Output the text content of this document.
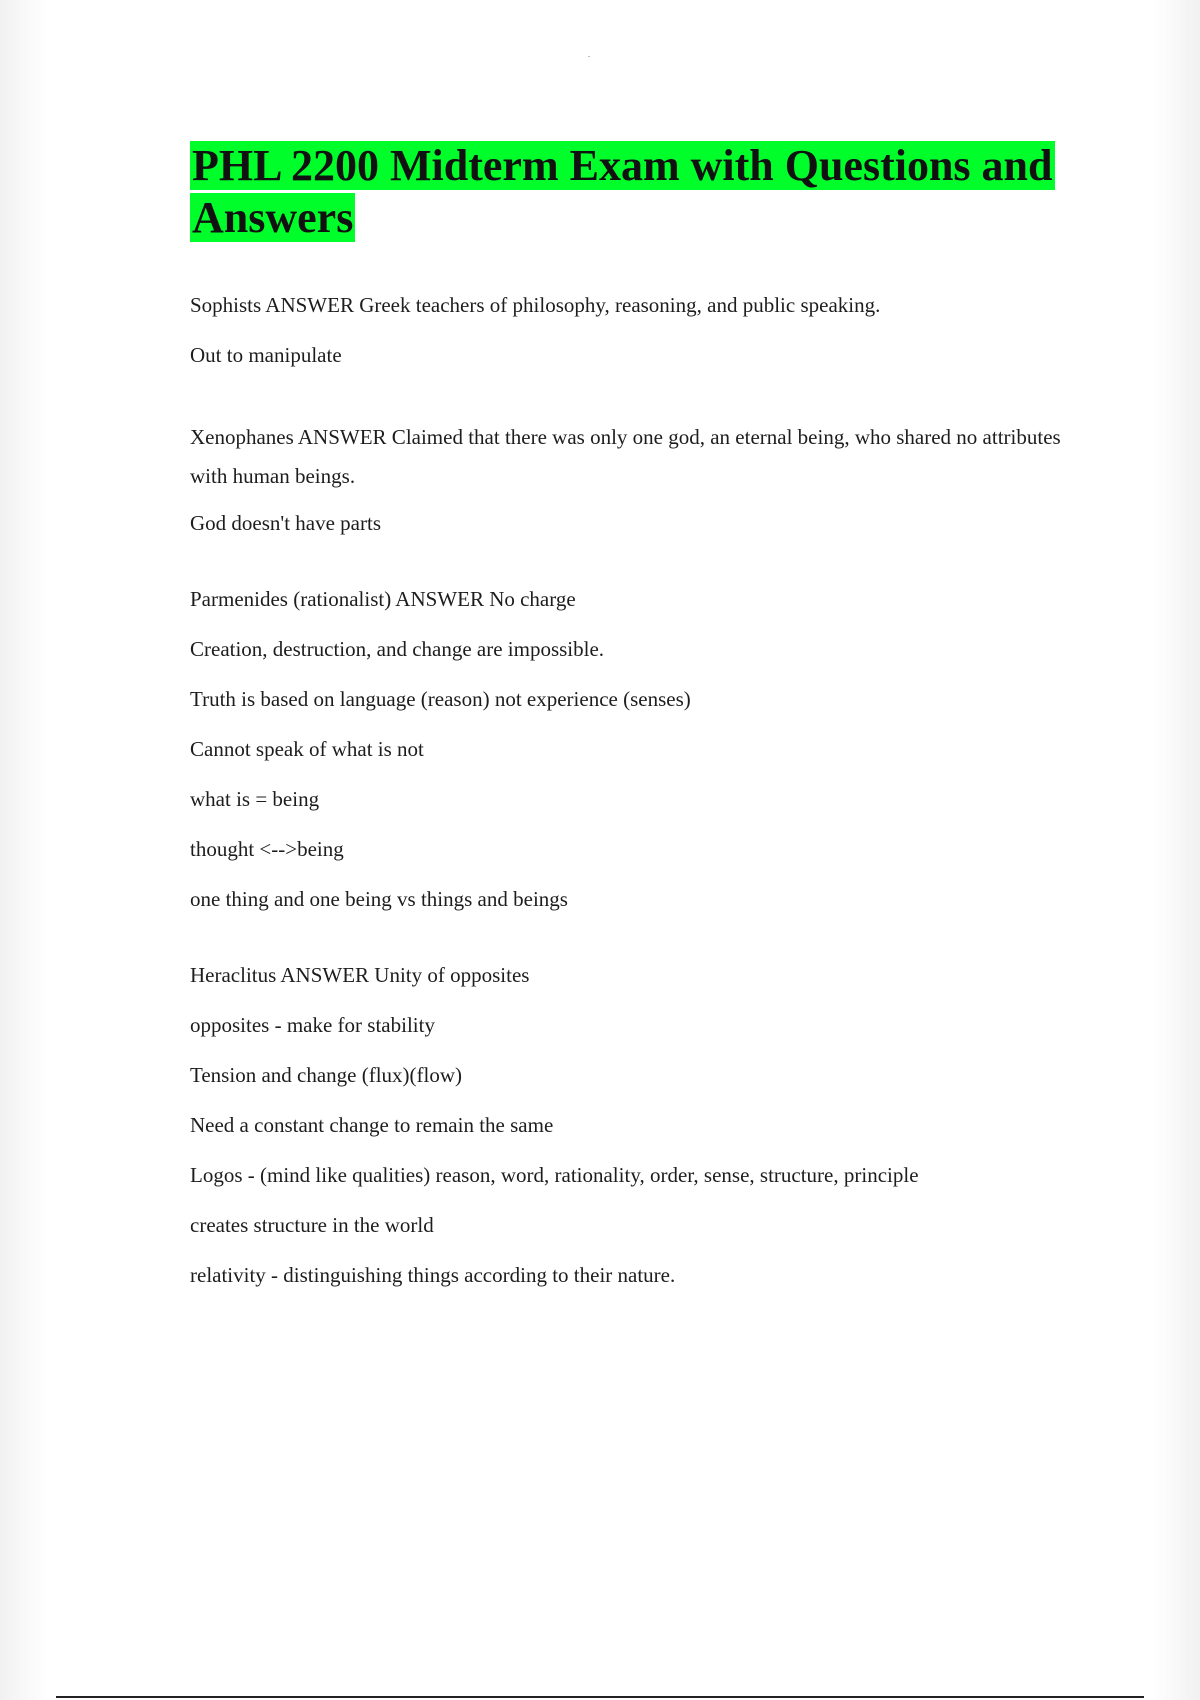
PHL 2200 Midterm Exam with Questions and Answers

Sophists ANSWER Greek teachers of philosophy, reasoning, and public speaking.

Out to manipulate

Xenophanes ANSWER Claimed that there was only one god, an eternal being, who shared no attributes with human beings.

God doesn't have parts

Parmenides (rationalist) ANSWER No charge

Creation, destruction, and change are impossible.

Truth is based on language (reason) not experience (senses)

Cannot speak of what is not

what is = being

thought <-->being

one thing and one being vs things and beings

Heraclitus ANSWER Unity of opposites

opposites - make for stability

Tension and change (flux)(flow)

Need a constant change to remain the same

Logos - (mind like qualities) reason, word, rationality, order, sense, structure, principle

creates structure in the world

relativity - distinguishing things according to their nature.
